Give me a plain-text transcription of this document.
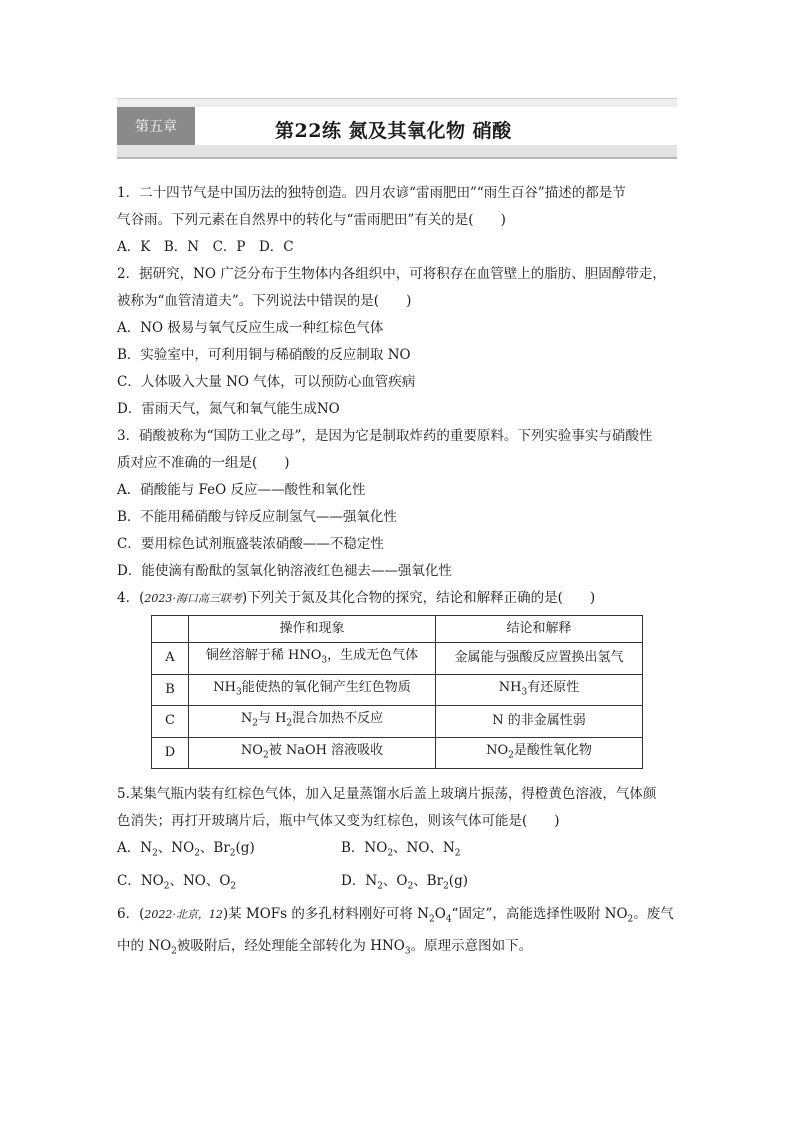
第五章	第22练 氮及其氧化物 硝酸
1．二十四节气是中国历法的独特创造。四月农谚“雷雨肥田”“雨生百谷”描述的都是节
气谷雨。下列元素在自然界中的转化与“雷雨肥田”有关的是(　　)
A．K　B．N　C．P　D．C
2．据研究，NO 广泛分布于生物体内各组织中，可将积存在血管壁上的脂肪、胆固醇带走，
被称为“血管清道夫”。下列说法中错误的是(　　)
A．NO 极易与氧气反应生成一种红棕色气体
B．实验室中，可利用铜与稀硝酸的反应制取 NO
C．人体吸入大量 NO 气体，可以预防心血管疾病
D．雷雨天气，氮气和氧气能生成NO
3．硝酸被称为“国防工业之母”，是因为它是制取炸药的重要原料。下列实验事实与硝酸性
质对应不准确的一组是(　　)
A．硝酸能与 FeO 反应——酸性和氧化性
B．不能用稀硝酸与锌反应制氢气——强氧化性
C．要用棕色试剂瓶盛装浓硝酸——不稳定性
D．能使滴有酚酞的氢氧化钠溶液红色褪去——强氧化性
4．(2023·海口高三联考)下列关于氮及其化合物的探究，结论和解释正确的是(　　)
	操作和现象	结论和解释
A	铜丝溶解于稀 $HNO_3$，生成无色气体	金属能与强酸反应置换出氢气
B	$NH_3$能使热的氧化铜产生红色物质	$NH_3$有还原性
C	$N_2$与 $H_2$混合加热不反应	N 的非金属性弱
D	$NO_2$被 NaOH 溶液吸收	$NO_2$是酸性氧化物
5.某集气瓶内装有红棕色气体，加入足量蒸馏水后盖上玻璃片振荡，得橙黄色溶液，气体颜
色消失；再打开玻璃片后，瓶中气体又变为红棕色，则该气体可能是(　　)
A．$N_2$、$NO_2$、$Br_2(g)$	B．$NO_2$、NO、$N_2$
C．$NO_2$、NO、$O_2$	D．$N_2$、$O_2$、$Br_2(g)$
6．(2022·北京，12)某 MOFs 的多孔材料刚好可将 $N_2O_4“$固定”，高能选择性吸附 $NO_2$。废气
中的 $NO_2$被吸附后，经处理能全部转化为 $HNO_3$。原理示意图如下。
